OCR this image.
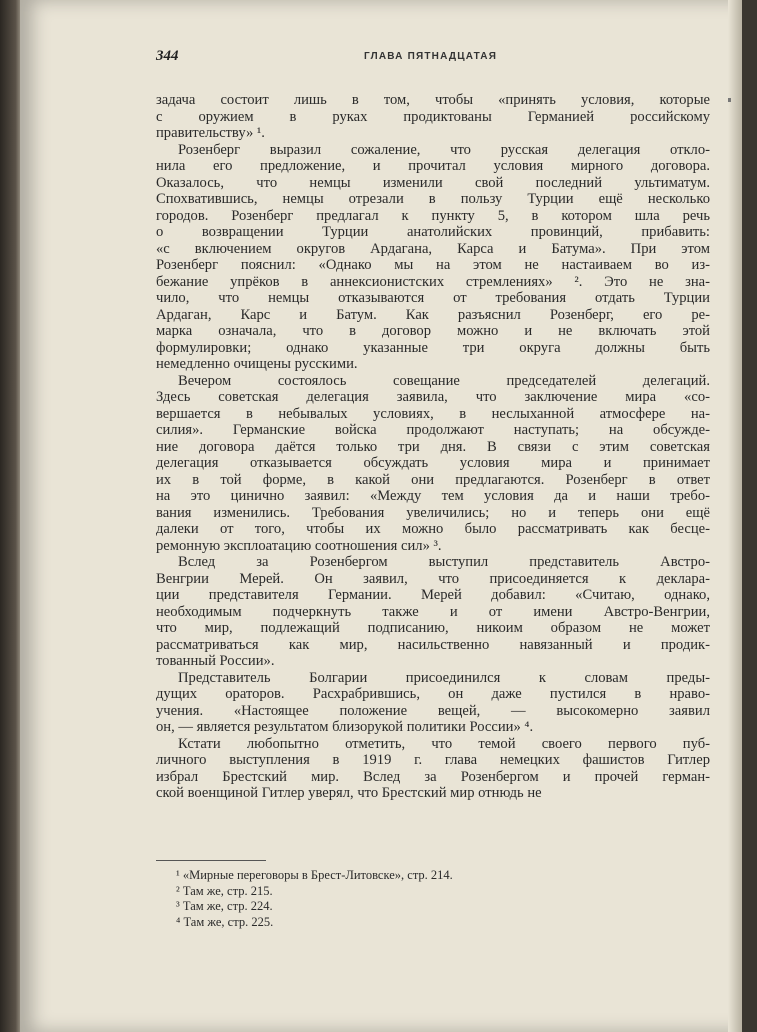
344	ГЛАВА ПЯТНАДЦАТАЯ
задача состоит лишь в том, чтобы «принять условия, которые
с оружием в руках продиктованы Германией российскому
правительству» ¹.
Розенберг выразил сожаление, что русская делегация откло-
нила его предложение, и прочитал условия мирного договора.
Оказалось, что немцы изменили свой последний ультиматум.
Спохватившись, немцы отрезали в пользу Турции ещё несколько
городов. Розенберг предлагал к пункту 5, в котором шла речь
о возвращении Турции анатолийских провинций, прибавить:
«с включением округов Ардагана, Карса и Батума». При этом
Розенберг пояснил: «Однако мы на этом не настаиваем во из-
бежание упрёков в аннексионистских стремлениях» ². Это не зна-
чило, что немцы отказываются от требования отдать Турции
Ардаган, Карс и Батум. Как разъяснил Розенберг, его ре-
марка означала, что в договор можно и не включать этой
формулировки; однако указанные три округа должны быть
немедленно очищены русскими.
Вечером состоялось совещание председателей делегаций.
Здесь советская делегация заявила, что заключение мира «со-
вершается в небывалых условиях, в неслыханной атмосфере на-
силия». Германские войска продолжают наступать; на обсужде-
ние договора даётся только три дня. В связи с этим советская
делегация отказывается обсуждать условия мира и принимает
их в той форме, в какой они предлагаются. Розенберг в ответ
на это цинично заявил: «Между тем условия да и наши требо-
вания изменились. Требования увеличились; но и теперь они ещё
далеки от того, чтобы их можно было рассматривать как бесце-
ремонную эксплоатацию соотношения сил» ³.
Вслед за Розенбергом выступил представитель Австро-
Венгрии Мерей. Он заявил, что присоединяется к деклара-
ции представителя Германии. Мерей добавил: «Считаю, однако,
необходимым подчеркнуть также и от имени Австро-Венгрии,
что мир, подлежащий подписанию, никоим образом не может
рассматриваться как мир, насильственно навязанный и продик-
тованный России».
Представитель Болгарии присоединился к словам преды-
дущих ораторов. Расхрабрившись, он даже пустился в нраво-
учения. «Настоящее положение вещей, — высокомерно заявил
он, — является результатом близорукой политики России» ⁴.
Кстати любопытно отметить, что темой своего первого пуб-
личного выступления в 1919 г. глава немецких фашистов Гитлер
избрал Брестский мир. Вслед за Розенбергом и прочей герман-
ской военщиной Гитлер уверял, что Брестский мир отнюдь не
¹ «Мирные переговоры в Брест-Литовске», стр. 214.
² Там же, стр. 215.
³ Там же, стр. 224.
⁴ Там же, стр. 225.
